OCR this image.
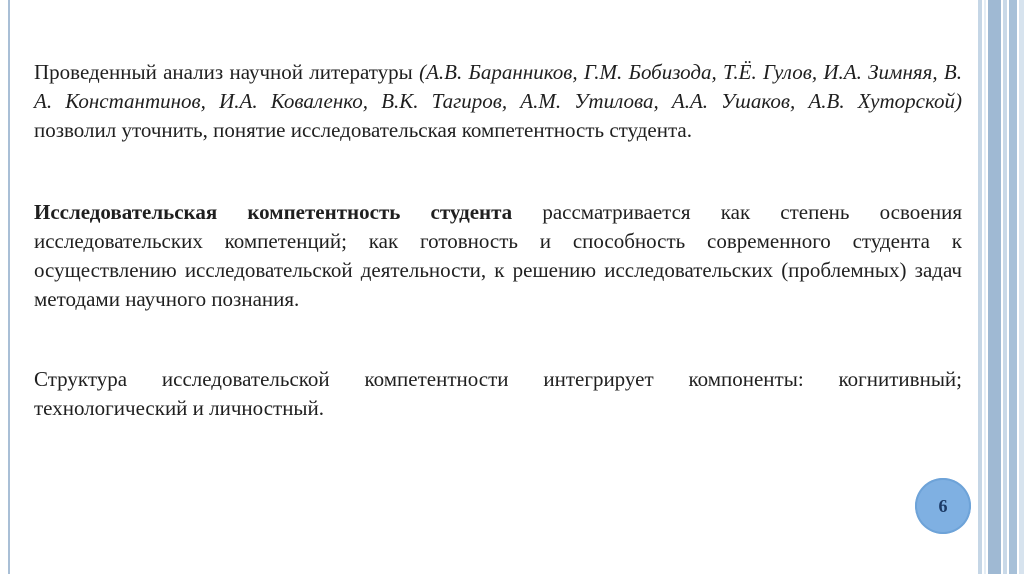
Проведенный анализ научной литературы (А.В. Баранников, Г.М. Бобизода, Т.Ё. Гулов, И.А. Зимняя, В. А. Константинов, И.А. Коваленко, В.К. Тагиров, А.М. Утилова, А.А. Ушаков, А.В. Хуторской) позволил уточнить, понятие исследовательская компетентность студента.

Исследовательская компетентность студента рассматривается как степень освоения исследовательских компетенций; как готовность и способность современного студента к осуществлению исследовательской деятельности, к решению исследовательских (проблемных) задач методами научного познания.

Структура исследовательской компетентности интегрирует компоненты: когнитивный; технологический и личностный.

6
